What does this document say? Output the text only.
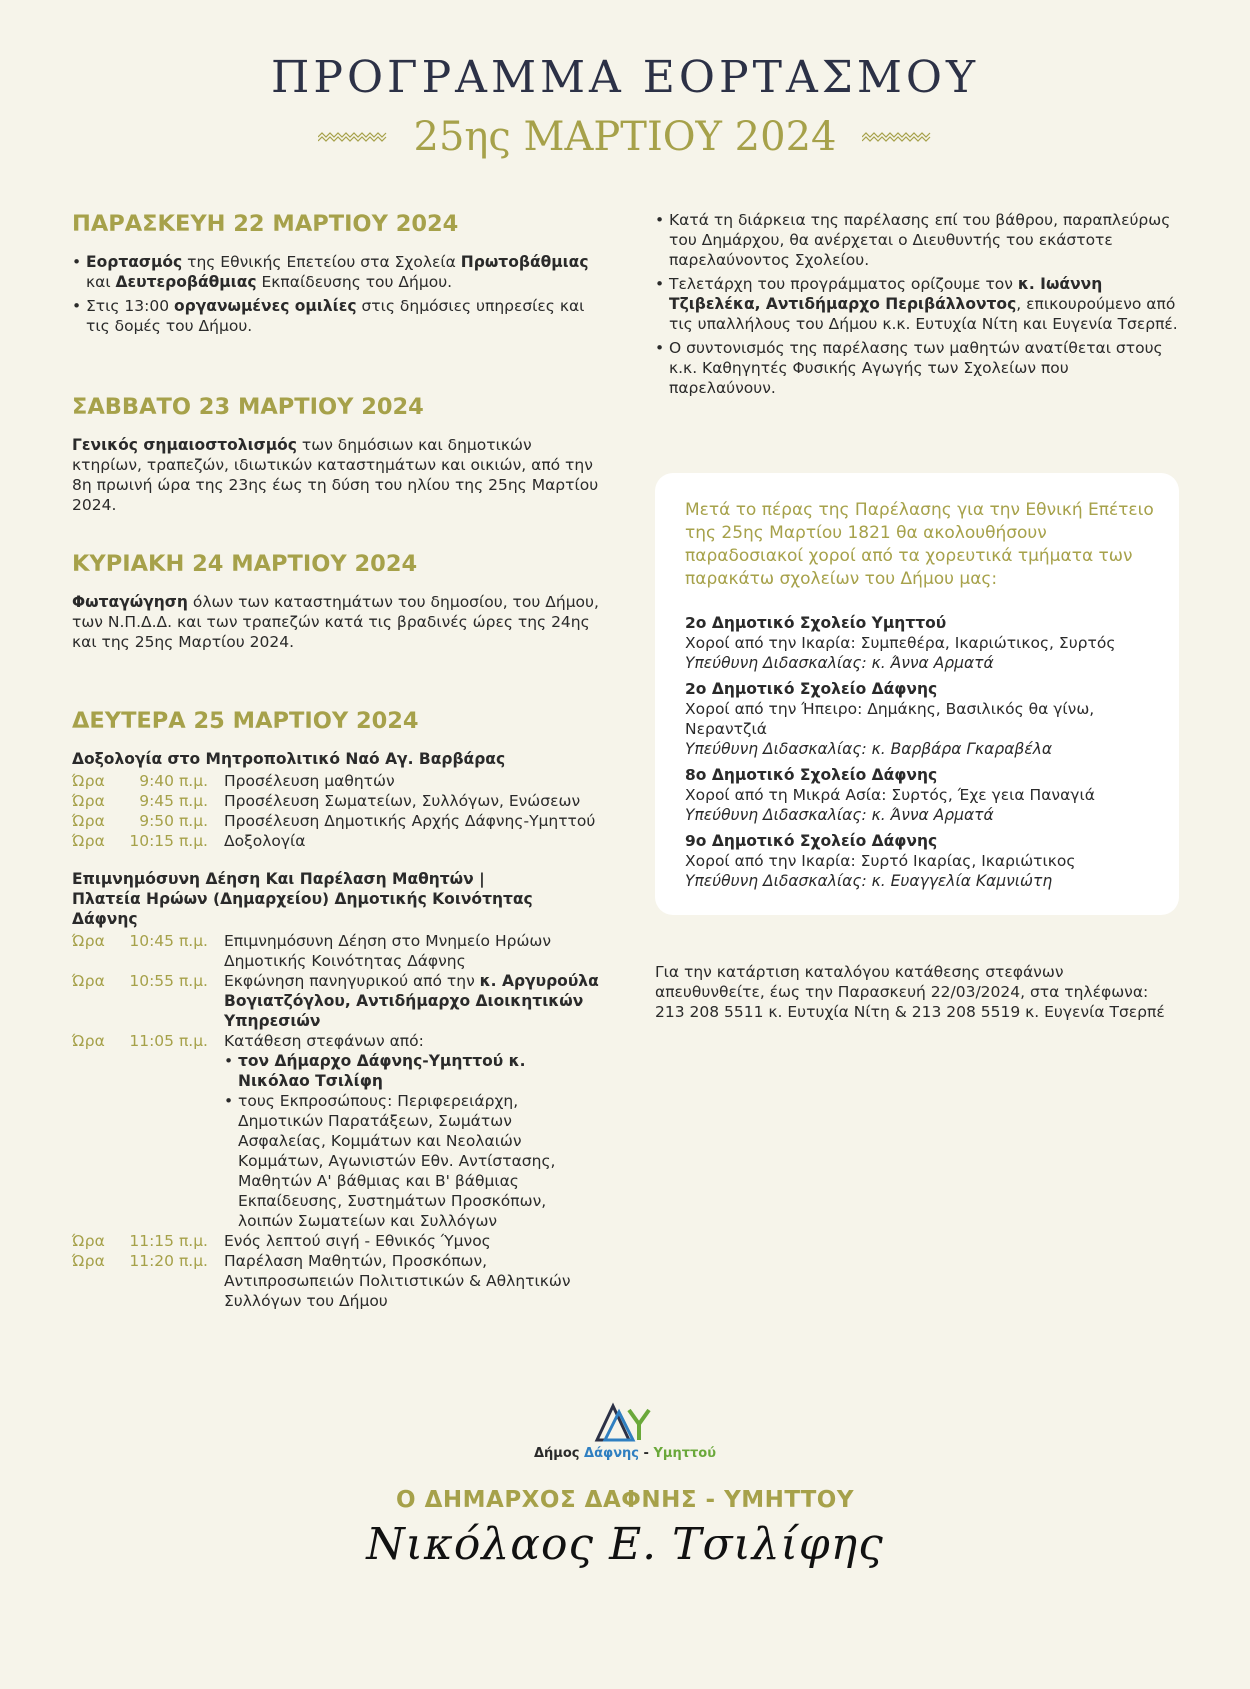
ΠΡΟΓΡΑΜΜΑ ΕΟΡΤΑΣΜΟΥ
25ης ΜΑΡΤΙΟΥ 2024
ΠΑΡΑΣΚΕΥΗ 22 ΜΑΡΤΙΟΥ 2024
• Εορτασμός της Εθνικής Επετείου στα Σχολεία Πρωτοβάθμιας και Δευτεροβάθμιας Εκπαίδευσης του Δήμου.
• Στις 13:00 οργανωμένες ομιλίες στις δημόσιες υπηρεσίες και τις δομές του Δήμου.
ΣΑΒΒΑΤΟ 23 ΜΑΡΤΙΟΥ 2024

Γενικός σημαιοστολισμός των δημόσιων και δημοτικών κτηρίων, τραπεζών, ιδιωτικών καταστημάτων και οικιών, από την 8η πρωινή ώρα της 23ης έως τη δύση του ηλίου της 25ης Μαρτίου 2024.

ΚΥΡΙΑΚΗ 24 ΜΑΡΤΙΟΥ 2024

Φωταγώγηση όλων των καταστημάτων του δημοσίου, του Δήμου, των Ν.Π.Δ.Δ. και των τραπεζών κατά τις βραδινές ώρες της 24ης και της 25ης Μαρτίου 2024.

ΔΕΥΤΕΡΑ 25 ΜΑΡΤΙΟΥ 2024
Δοξολογία στο Μητροπολιτικό Ναό Αγ. Βαρβάρας
Ώρα	9:40 π.μ.	Προσέλευση μαθητών
Ώρα	9:45 π.μ.	Προσέλευση Σωματείων, Συλλόγων, Ενώσεων
Ώρα	9:50 π.μ.	Προσέλευση Δημοτικής Αρχής Δάφνης-Υμηττού
Ώρα	10:15 π.μ.	Δοξολογία
Επιμνημόσυνη Δέηση Και Παρέλαση Μαθητών |
Πλατεία Ηρώων (Δημαρχείου) Δημοτικής Κοινότητας Δάφνης
Ώρα	10:45 π.μ.	Επιμνημόσυνη Δέηση στο Μνημείο Ηρώων Δημοτικής Κοινότητας Δάφνης
Ώρα	10:55 π.μ.	Εκφώνηση πανηγυρικού από την κ. Αργυρούλα Βογιατζόγλου, Αντιδήμαρχο Διοικητικών Υπηρεσιών
Ώρα	11:05 π.μ. Κατάθεση στεφάνων από:
• τον Δήμαρχο Δάφνης-Υμηττού κ. Νικόλαο Τσιλίφη
• τους Εκπροσώπους: Περιφερειάρχη, Δημοτικών Παρατάξεων, Σωμάτων Ασφαλείας, Κομμάτων και Νεολαιών Κομμάτων, Αγωνιστών Εθν. Αντίστασης, Μαθητών Α' βάθμιας και Β' βάθμιας Εκπαίδευσης, Συστημάτων Προσκόπων, λοιπών Σωματείων και Συλλόγων
Ώρα	11:15 π.μ.	Ενός λεπτού σιγή - Εθνικός Ύμνος
Ώρα	11:20 π.μ.	Παρέλαση Μαθητών, Προσκόπων, Αντιπροσωπειών Πολιτιστικών & Αθλητικών Συλλόγων του Δήμου
• Κατά τη διάρκεια της παρέλασης επί του βάθρου, παραπλεύρως του Δημάρχου, θα ανέρχεται ο Διευθυντής του εκάστοτε παρελαύνοντος Σχολείου.
• Τελετάρχη του προγράμματος ορίζουμε τον κ. Ιωάννη Τζιβελέκα, Αντιδήμαρχο Περιβάλλοντος, επικουρούμενο από τις υπαλλήλους του Δήμου κ.κ. Ευτυχία Νίτη και Ευγενία Τσερπέ.
• Ο συντονισμός της παρέλασης των μαθητών ανατίθεται στους κ.κ. Καθηγητές Φυσικής Αγωγής των Σχολείων που παρελαύνουν.
Μετά το πέρας της Παρέλασης για την Εθνική Επέτειο της 25ης Μαρτίου 1821 θα ακολουθήσουν παραδοσιακοί χοροί από τα χορευτικά τμήματα των παρακάτω σχολείων του Δήμου μας:
2ο Δημοτικό Σχολείο Υμηττού
Χοροί από την Ικαρία: Συμπεθέρα, Ικαριώτικος, Συρτός
Υπεύθυνη Διδασκαλίας: κ. Άννα Αρματά
2ο Δημοτικό Σχολείο Δάφνης
Χοροί από την Ήπειρο: Δημάκης, Βασιλικός θα γίνω, Νεραντζιά
Υπεύθυνη Διδασκαλίας: κ. Βαρβάρα Γκαραβέλα
8ο Δημοτικό Σχολείο Δάφνης
Χοροί από τη Μικρά Ασία: Συρτός, Έχε γεια Παναγιά
Υπεύθυνη Διδασκαλίας: κ. Άννα Αρματά
9ο Δημοτικό Σχολείο Δάφνης
Χοροί από την Ικαρία: Συρτό Ικαρίας, Ικαριώτικος
Υπεύθυνη Διδασκαλίας: κ. Ευαγγελία Καμνιώτη
Για την κατάρτιση καταλόγου κατάθεσης στεφάνων απευθυνθείτε, έως την Παρασκευή 22/03/2024, στα τηλέφωνα: 213 208 5511 κ. Ευτυχία Νίτη & 213 208 5519 κ. Ευγενία Τσερπέ
Δήμος Δάφνης - Υμηττού
Ο ΔΗΜΑΡΧΟΣ ΔΑΦΝΗΣ - ΥΜΗΤΤΟΥ
Νικόλαος Ε. Τσιλίφης
